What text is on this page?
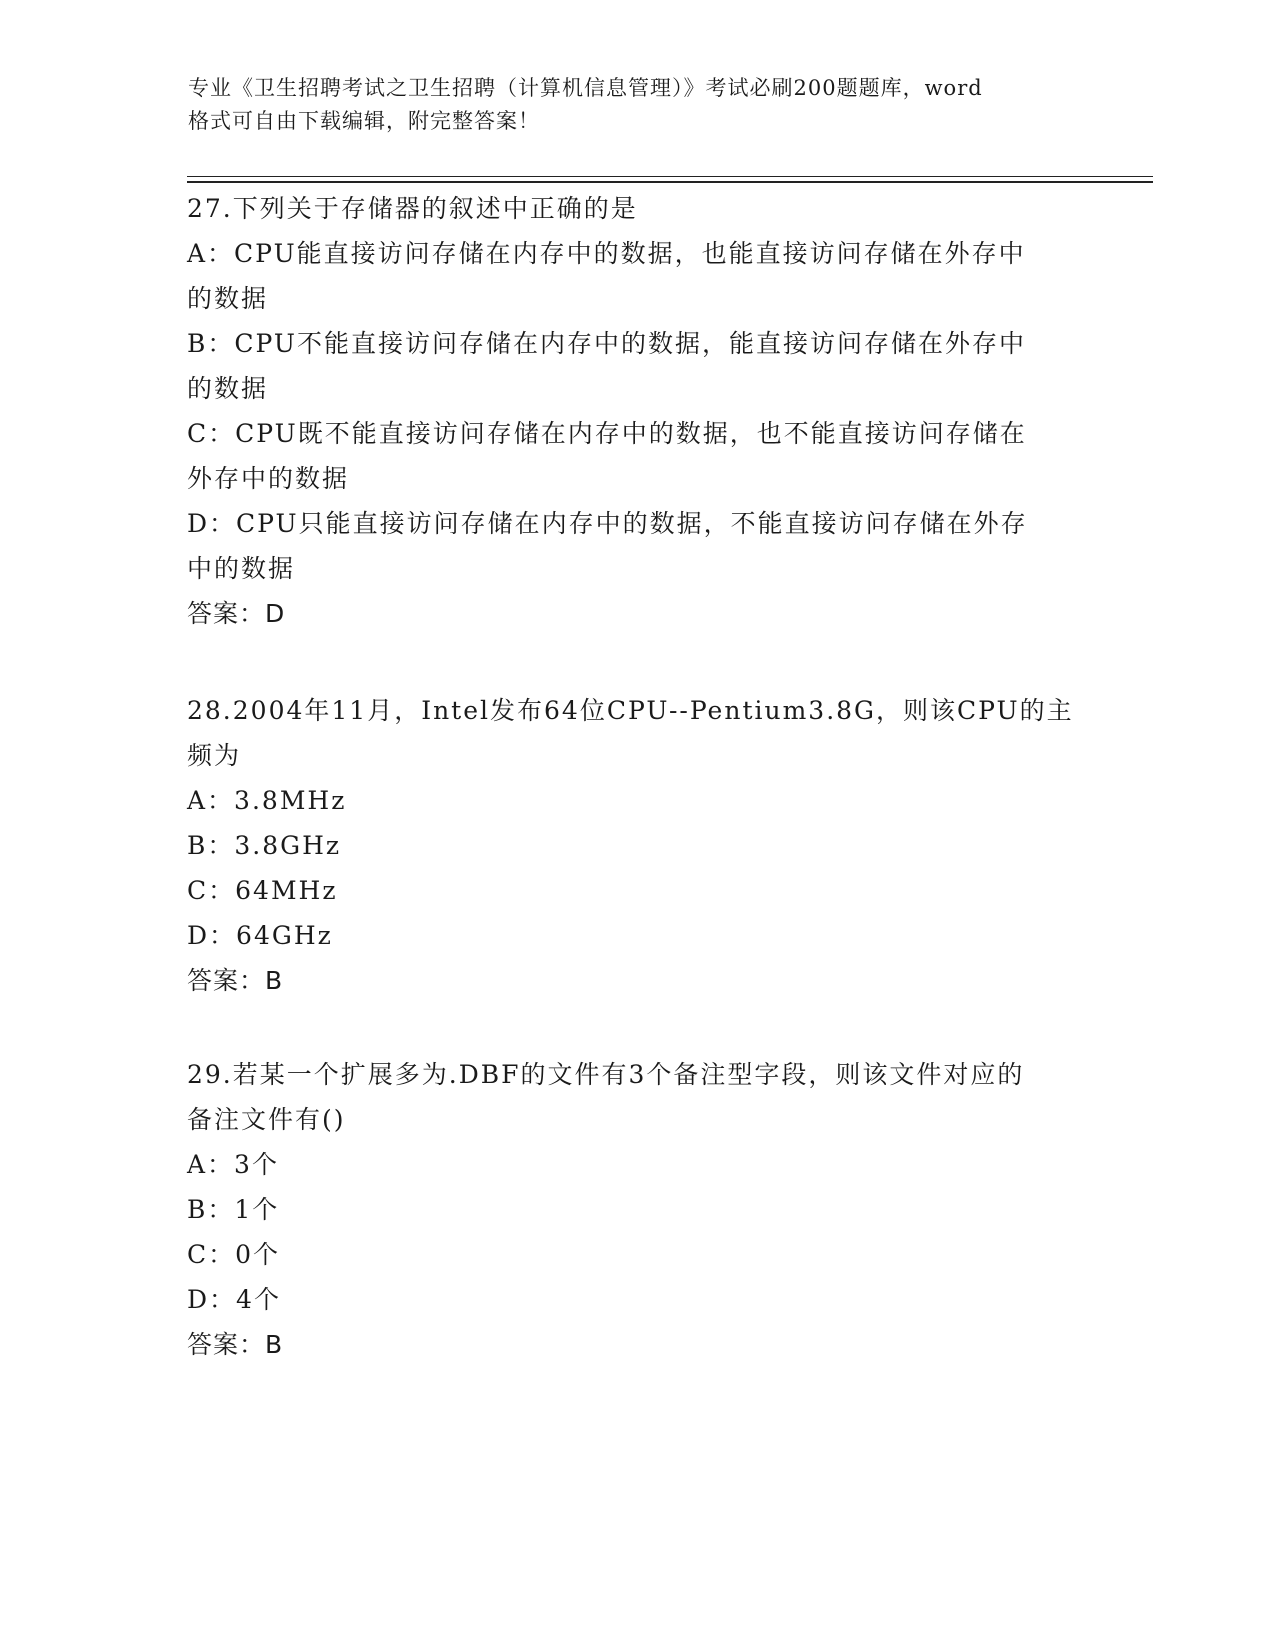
专业《卫生招聘考试之卫生招聘（计算机信息管理）》考试必刷200题题库，word
格式可自由下载编辑，附完整答案！
27.下列关于存储器的叙述中正确的是
A：CPU能直接访问存储在内存中的数据，也能直接访问存储在外存中
的数据
B：CPU不能直接访问存储在内存中的数据，能直接访问存储在外存中
的数据
C：CPU既不能直接访问存储在内存中的数据，也不能直接访问存储在
外存中的数据
D：CPU只能直接访问存储在内存中的数据，不能直接访问存储在外存
中的数据
答案：D
28.2004年11月，Intel发布64位CPU--Pentium3.8G，则该CPU的主
频为
A：3.8MHz
B：3.8GHz
C：64MHz
D：64GHz
答案：B
29.若某一个扩展多为.DBF的文件有3个备注型字段，则该文件对应的
备注文件有()
A：3个
B：1个
C：0个
D：4个
答案：B
